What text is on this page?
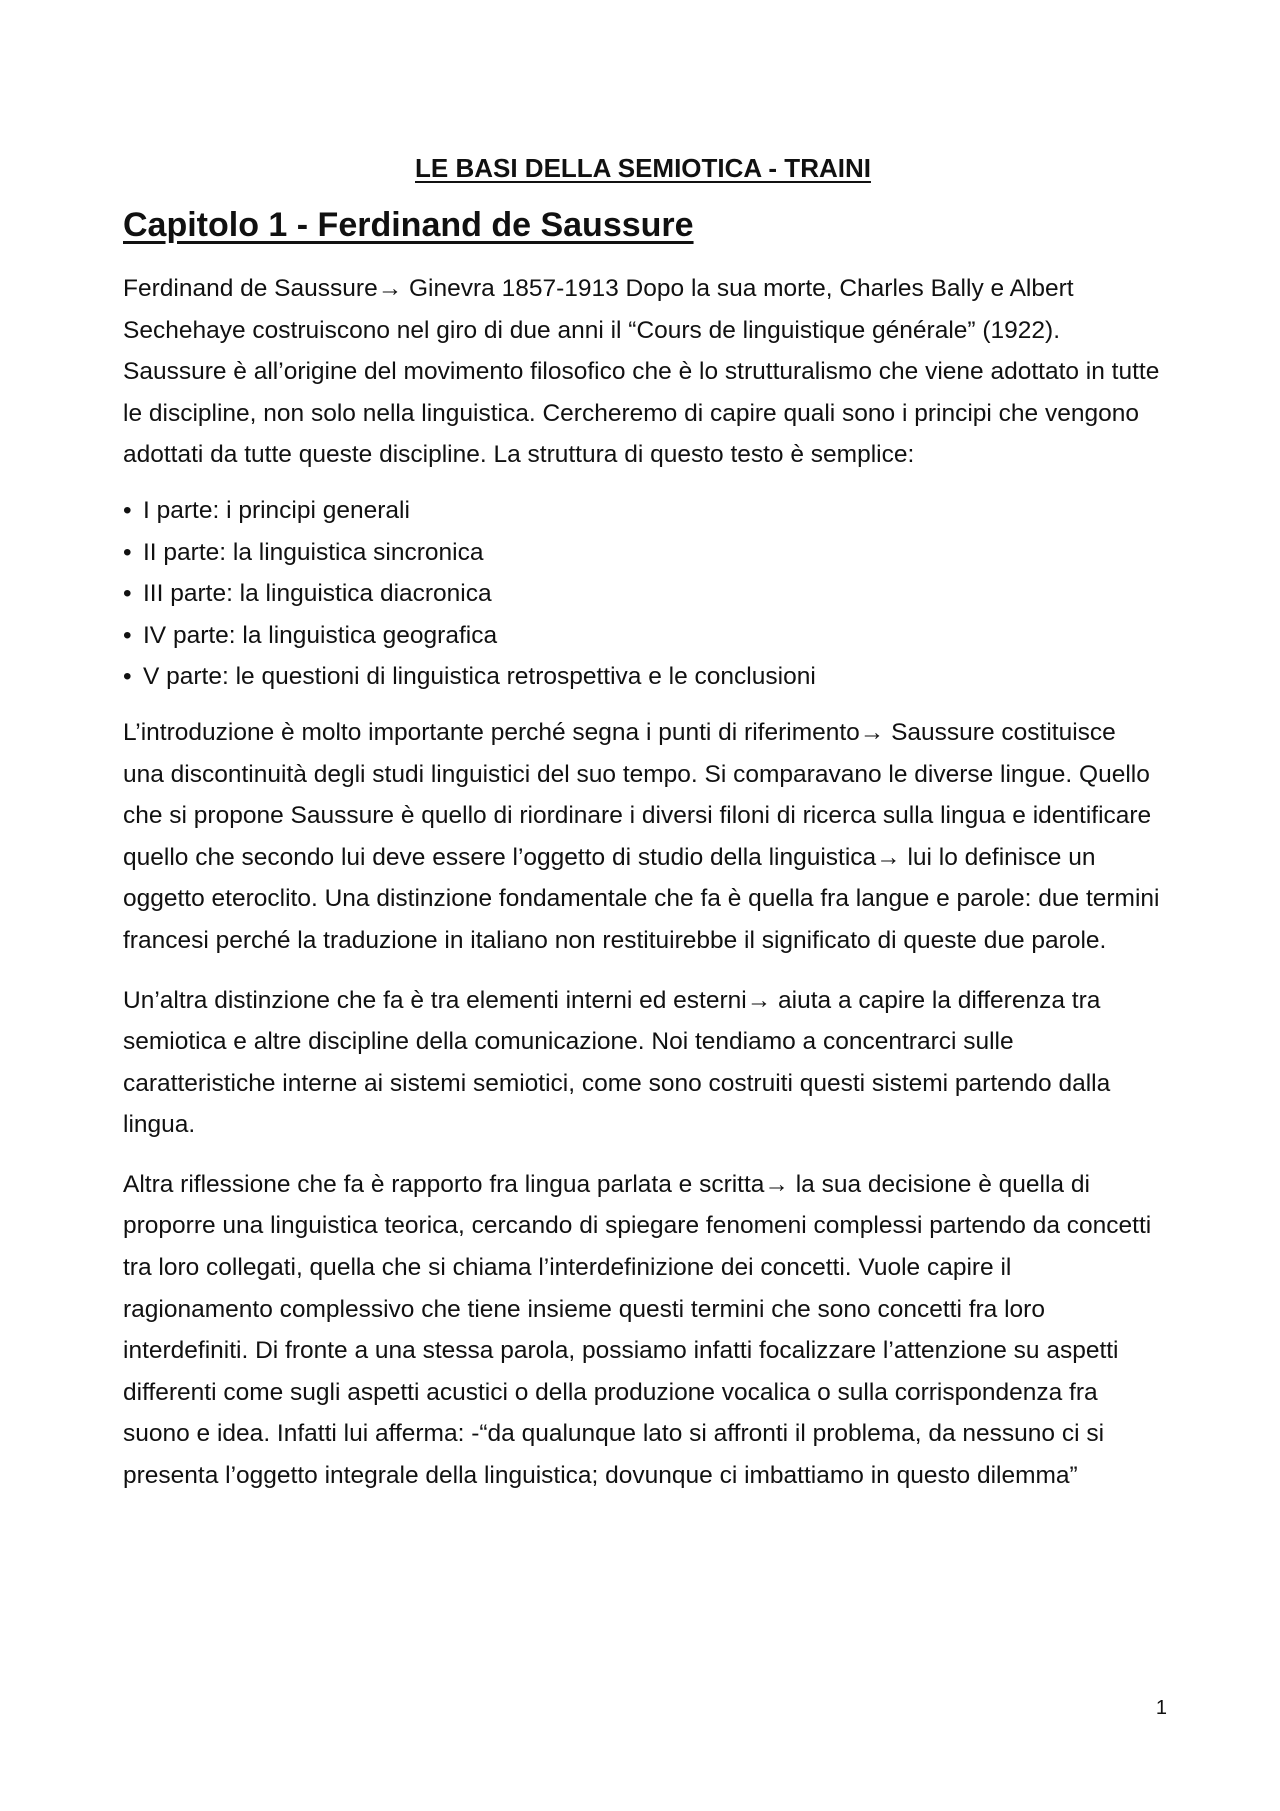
LE BASI DELLA SEMIOTICA - TRAINI
Capitolo 1 - Ferdinand de Saussure

Ferdinand de Saussure→ Ginevra 1857-1913 Dopo la sua morte, Charles Bally e Albert Sechehaye costruiscono nel giro di due anni il “Cours de linguistique générale” (1922). Saussure è all’origine del movimento filosofico che è lo strutturalismo che viene adottato in tutte le discipline, non solo nella linguistica. Cercheremo di capire quali sono i principi che vengono adottati da tutte queste discipline. La struttura di questo testo è semplice:

• I parte: i principi generali
• II parte: la linguistica sincronica
• III parte: la linguistica diacronica
• IV parte: la linguistica geografica
• V parte: le questioni di linguistica retrospettiva e le conclusioni

L’introduzione è molto importante perché segna i punti di riferimento→ Saussure costituisce una discontinuità degli studi linguistici del suo tempo. Si comparavano le diverse lingue. Quello che si propone Saussure è quello di riordinare i diversi filoni di ricerca sulla lingua e identificare quello che secondo lui deve essere l’oggetto di studio della linguistica→ lui lo definisce un oggetto eteroclito. Una distinzione fondamentale che fa è quella fra langue e parole: due termini francesi perché la traduzione in italiano non restituirebbe il significato di queste due parole.

Un’altra distinzione che fa è tra elementi interni ed esterni→ aiuta a capire la differenza tra semiotica e altre discipline della comunicazione. Noi tendiamo a concentrarci sulle caratteristiche interne ai sistemi semiotici, come sono costruiti questi sistemi partendo dalla lingua.

Altra riflessione che fa è rapporto fra lingua parlata e scritta→ la sua decisione è quella di proporre una linguistica teorica, cercando di spiegare fenomeni complessi partendo da concetti tra loro collegati, quella che si chiama l’interdefinizione dei concetti. Vuole capire il ragionamento complessivo che tiene insieme questi termini che sono concetti fra loro interdefiniti. Di fronte a una stessa parola, possiamo infatti focalizzare l’attenzione su aspetti differenti come sugli aspetti acustici o della produzione vocalica o sulla corrispondenza fra suono e idea. Infatti lui afferma: -“da qualunque lato si affronti il problema, da nessuno ci si presenta l’oggetto integrale della linguistica; dovunque ci imbattiamo in questo dilemma”

1
